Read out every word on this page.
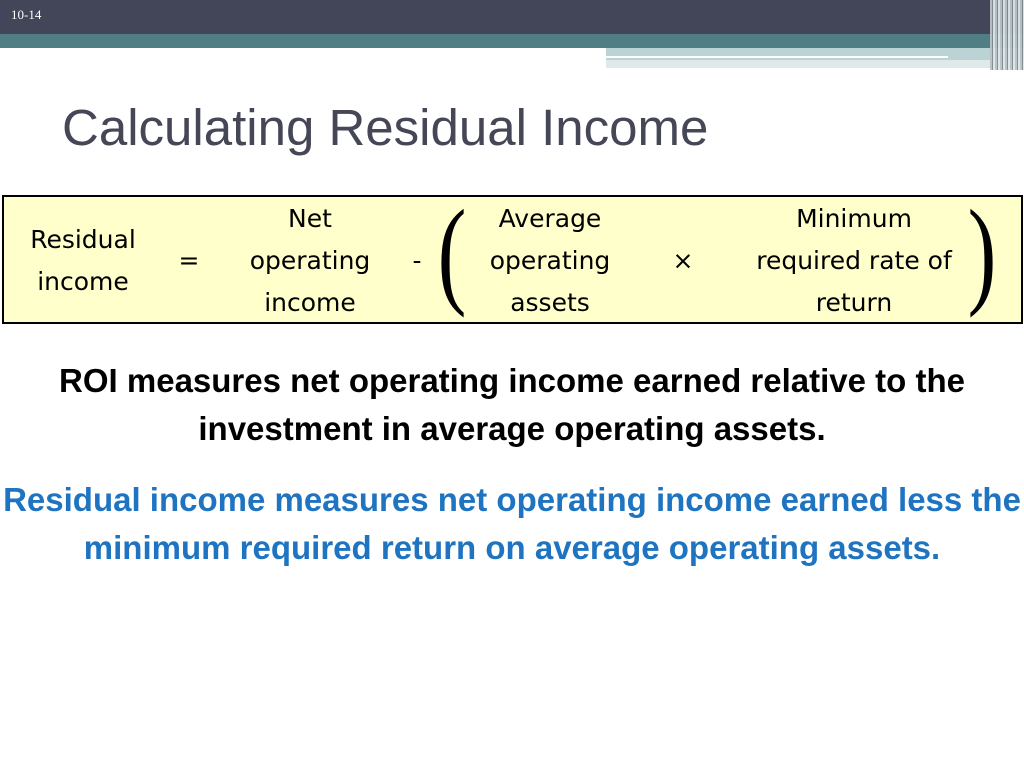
10-14
Calculating Residual Income
Residual
income
=
Net
operating
income
- (	Average
operating
assets
×
Minimum
required rate of
return )

ROI measures net operating income earned relative to the investment in average operating assets.

Residual income measures net operating income earned less the minimum required return on average operating assets.
